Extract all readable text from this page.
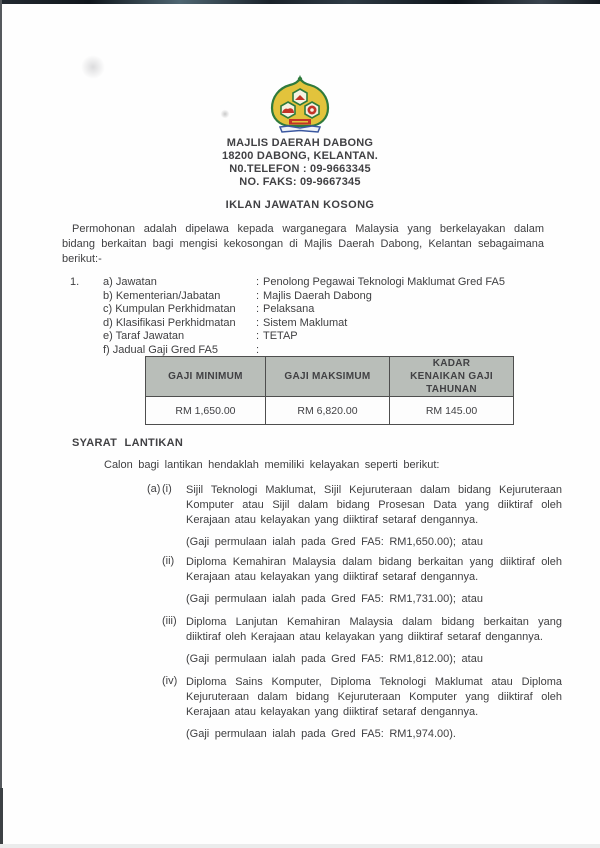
MAJLIS DAERAH DABONG
18200 DABONG, KELANTAN.
N0.TELEFON : 09-9663345
NO. FAKS: 09-9667345
IKLAN JAWATAN KOSONG

Permohonan adalah dipelawa kepada warganegara Malaysia yang berkelayakan dalam bidang berkaitan bagi mengisi kekosongan di Majlis Daerah Dabong, Kelantan sebagaimana berikut:-

1. a) Jawatan	: Penolong Pegawai Teknologi Maklumat Gred FA5
b) Kementerian/Jabatan	: Majlis Daerah Dabong
c) Kumpulan Perkhidmatan : Pelaksana
d) Klasifikasi Perkhidmatan : Sistem Maklumat
e) Taraf Jawatan	: TETAP
f) Jadual Gaji Gred FA5	:
GAJI MINIMUM	GAJI MAKSIMUM	KADAR KENAIKAN GAJI TAHUNAN
RM 1,650.00	RM 6,820.00	RM 145.00
SYARAT LANTIKAN
Calon bagi lantikan hendaklah memiliki kelayakan seperti berikut:
(a) (i) Sijil Teknologi Maklumat, Sijil Kejuruteraan dalam bidang Kejuruteraan Komputer atau Sijil dalam bidang Prosesan Data yang diiktiraf oleh Kerajaan atau kelayakan yang diiktiraf setaraf dengannya.

(Gaji permulaan ialah pada Gred FA5: RM1,650.00); atau

(ii) Diploma Kemahiran Malaysia dalam bidang berkaitan yang diiktiraf oleh Kerajaan atau kelayakan yang diiktiraf setaraf dengannya.

(Gaji permulaan ialah pada Gred FA5: RM1,731.00); atau

(iii) Diploma Lanjutan Kemahiran Malaysia dalam bidang berkaitan yang diiktiraf oleh Kerajaan atau kelayakan yang diiktiraf setaraf dengannya.

(Gaji permulaan ialah pada Gred FA5: RM1,812.00); atau

(iv) Diploma Sains Komputer, Diploma Teknologi Maklumat atau Diploma Kejuruteraan dalam bidang Kejuruteraan Komputer yang diiktiraf oleh Kerajaan atau kelayakan yang diiktiraf setaraf dengannya.

(Gaji permulaan ialah pada Gred FA5: RM1,974.00).
